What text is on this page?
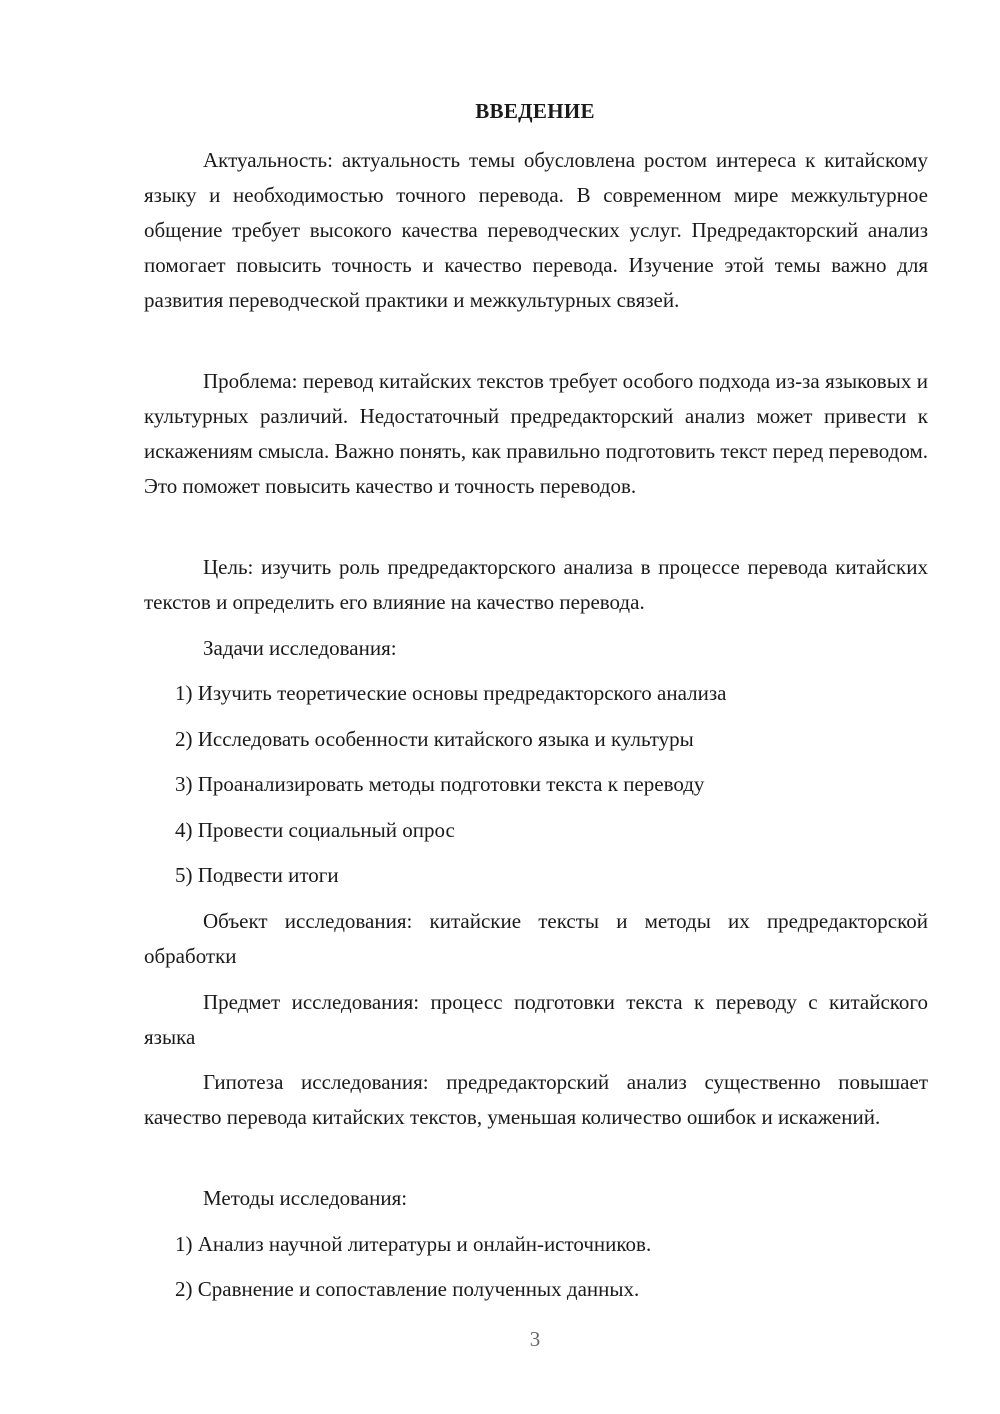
ВВЕДЕНИЕ

Актуальность: актуальность темы обусловлена ростом интереса к китайскому языку и необходимостью точного перевода. В современном мире межкультурное общение требует высокого качества переводческих услуг. Предредакторский анализ помогает повысить точность и качество перевода. Изучение этой темы важно для развития переводческой практики и межкультурных связей.

Проблема: перевод китайских текстов требует особого подхода из-за языковых и культурных различий. Недостаточный предредакторский анализ может привести к искажениям смысла. Важно понять, как правильно подготовить текст перед переводом. Это поможет повысить качество и точность переводов.

Цель: изучить роль предредакторского анализа в процессе перевода китайских текстов и определить его влияние на качество перевода.

Задачи исследования:

1) Изучить теоретические основы предредакторского анализа

2) Исследовать особенности китайского языка и культуры

3) Проанализировать методы подготовки текста к переводу

4) Провести социальный опрос

5) Подвести итоги

Объект исследования: китайские тексты и методы их предредакторской обработки

Предмет исследования: процесс подготовки текста к переводу с китайского языка

Гипотеза исследования: предредакторский анализ существенно повышает качество перевода китайских текстов, уменьшая количество ошибок и искажений.

Методы исследования:

1) Анализ научной литературы и онлайн-источников.

2) Сравнение и сопоставление полученных данных.

3
